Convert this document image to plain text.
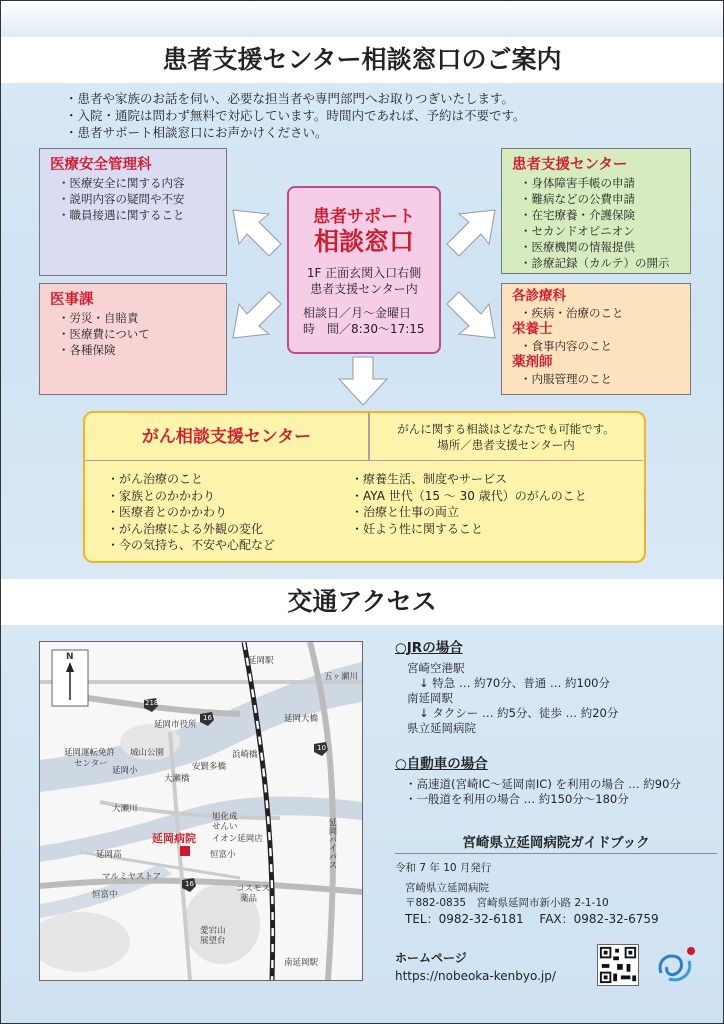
患者支援センター相談窓口のご案内
・患者や家族のお話を伺い、必要な担当者や専門部門へお取りつぎいたします。
・入院・通院は問わず無料で対応しています。時間内であれば、予約は不要です。
・患者サポート相談窓口にお声かけください。
医療安全管理科
・ 医療安全に関する内容
・ 説明内容の疑問や不安
・ 職員接遇に関すること
医事課
・ 労災・自賠責
・ 医療費について
・ 各種保険
患者支援センター
・ 身体障害手帳の申請
・ 難病などの公費申請
・ 在宅療養・介護保険
・ セカンドオピニオン
・ 医療機関の情報提供
・ 診療記録（カルテ）の開示
各診療科
・ 疾病・治療のこと
栄養士
・ 食事内容のこと
薬剤師
・ 内服管理のこと
患者サポート
相談窓口
1F 正面玄関入口右側
患者支援センター内
相談日／月～金曜日
時　間／8:30～17:15
がん相談支援センター	がんに関する相談はどなたでも可能です。
場所／患者支援センター内
・ がん治療のこと
・ 家族とのかかわり
・ 医療者とのかかわり
・ がん治療による外観の変化
・ 今の気持ち、不安や心配など
・ 療養生活、制度やサービス
・ AYA 世代（15 ～ 30 歳代）のがんのこと
・ 治療と仕事の両立
・ 妊よう性に関すること
交通アクセス
N	延岡駅
五ヶ瀬川
218
延岡市役所
16	延岡大橋
10
延岡運転免許
センター
城山公園
延岡小	安賢多橋
浜崎橋
大瀬橋
大瀬川
旭化成
せんい
イオン延岡店
延岡病院
恒富小
延岡高
マルミヤストア
恒富中
16	コスモス
薬品
愛宕山
展望台
南延岡駅
延岡バイパス
○JRの場合
宮崎空港駅
↓ 特急 … 約70分、普通 … 約100分
南延岡駅
↓ タクシー … 約5分、徒歩 … 約20分
県立延岡病院
○自動車の場合
・高速道(宮崎IC～延岡南IC) を利用の場合 … 約90分
・一般道を利用の場合 … 約150分～180分
宮崎県立延岡病院ガイドブック
令和 7 年 10 月発行
宮崎県立延岡病院
〒882-0835　宮崎県延岡市新小路 2-1-10
TEL：0982-32-6181　 FAX：0982-32-6759
ホームページ
https://nobeoka-kenbyo.jp/
